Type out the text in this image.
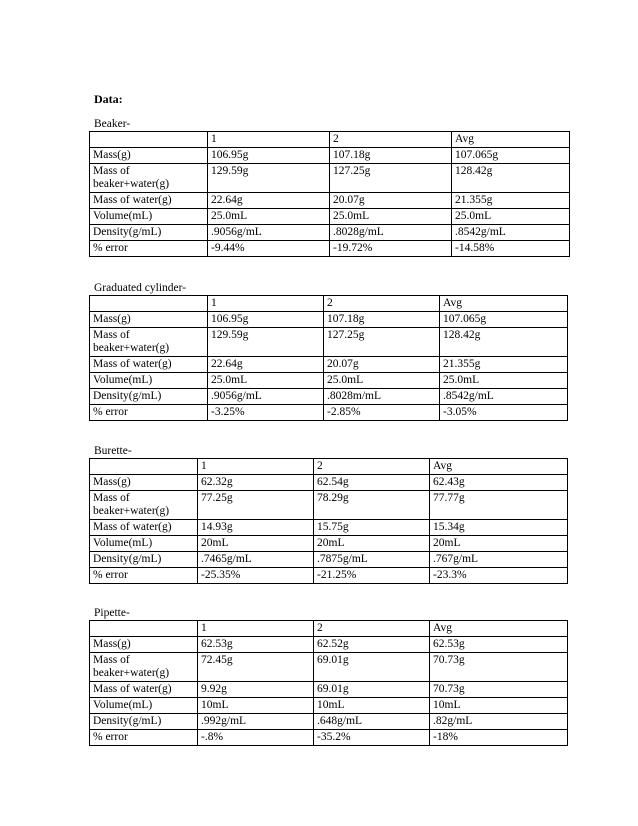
Data:
Beaker-
	1	2	Avg
Mass(g)	106.95g	107.18g	107.065g
Mass of beaker+water(g)	129.59g	127.25g	128.42g
Mass of water(g)	22.64g	20.07g	21.355g
Volume(mL)	25.0mL	25.0mL	25.0mL
Density(g/mL)	.9056g/mL	.8028g/mL	.8542g/mL
% error	-9.44%	-19.72%	-14.58%
Graduated cylinder-
	1	2	Avg
Mass(g)	106.95g	107.18g	107.065g
Mass of beaker+water(g)	129.59g	127.25g	128.42g
Mass of water(g)	22.64g	20.07g	21.355g
Volume(mL)	25.0mL	25.0mL	25.0mL
Density(g/mL)	.9056g/mL	.8028m/mL	.8542g/mL
% error	-3.25%	-2.85%	-3.05%
Burette-
	1	2	Avg
Mass(g)	62.32g	62.54g	62.43g
Mass of beaker+water(g)	77.25g	78.29g	77.77g
Mass of water(g)	14.93g	15.75g	15.34g
Volume(mL)	20mL	20mL	20mL
Density(g/mL)	.7465g/mL	.7875g/mL	.767g/mL
% error	-25.35%	-21.25%	-23.3%
Pipette-
	1	2	Avg
Mass(g)	62.53g	62.52g	62.53g
Mass of beaker+water(g)	72.45g	69.01g	70.73g
Mass of water(g)	9.92g	69.01g	70.73g
Volume(mL)	10mL	10mL	10mL
Density(g/mL)	.992g/mL	.648g/mL	.82g/mL
% error	-.8%	-35.2%	-18%
